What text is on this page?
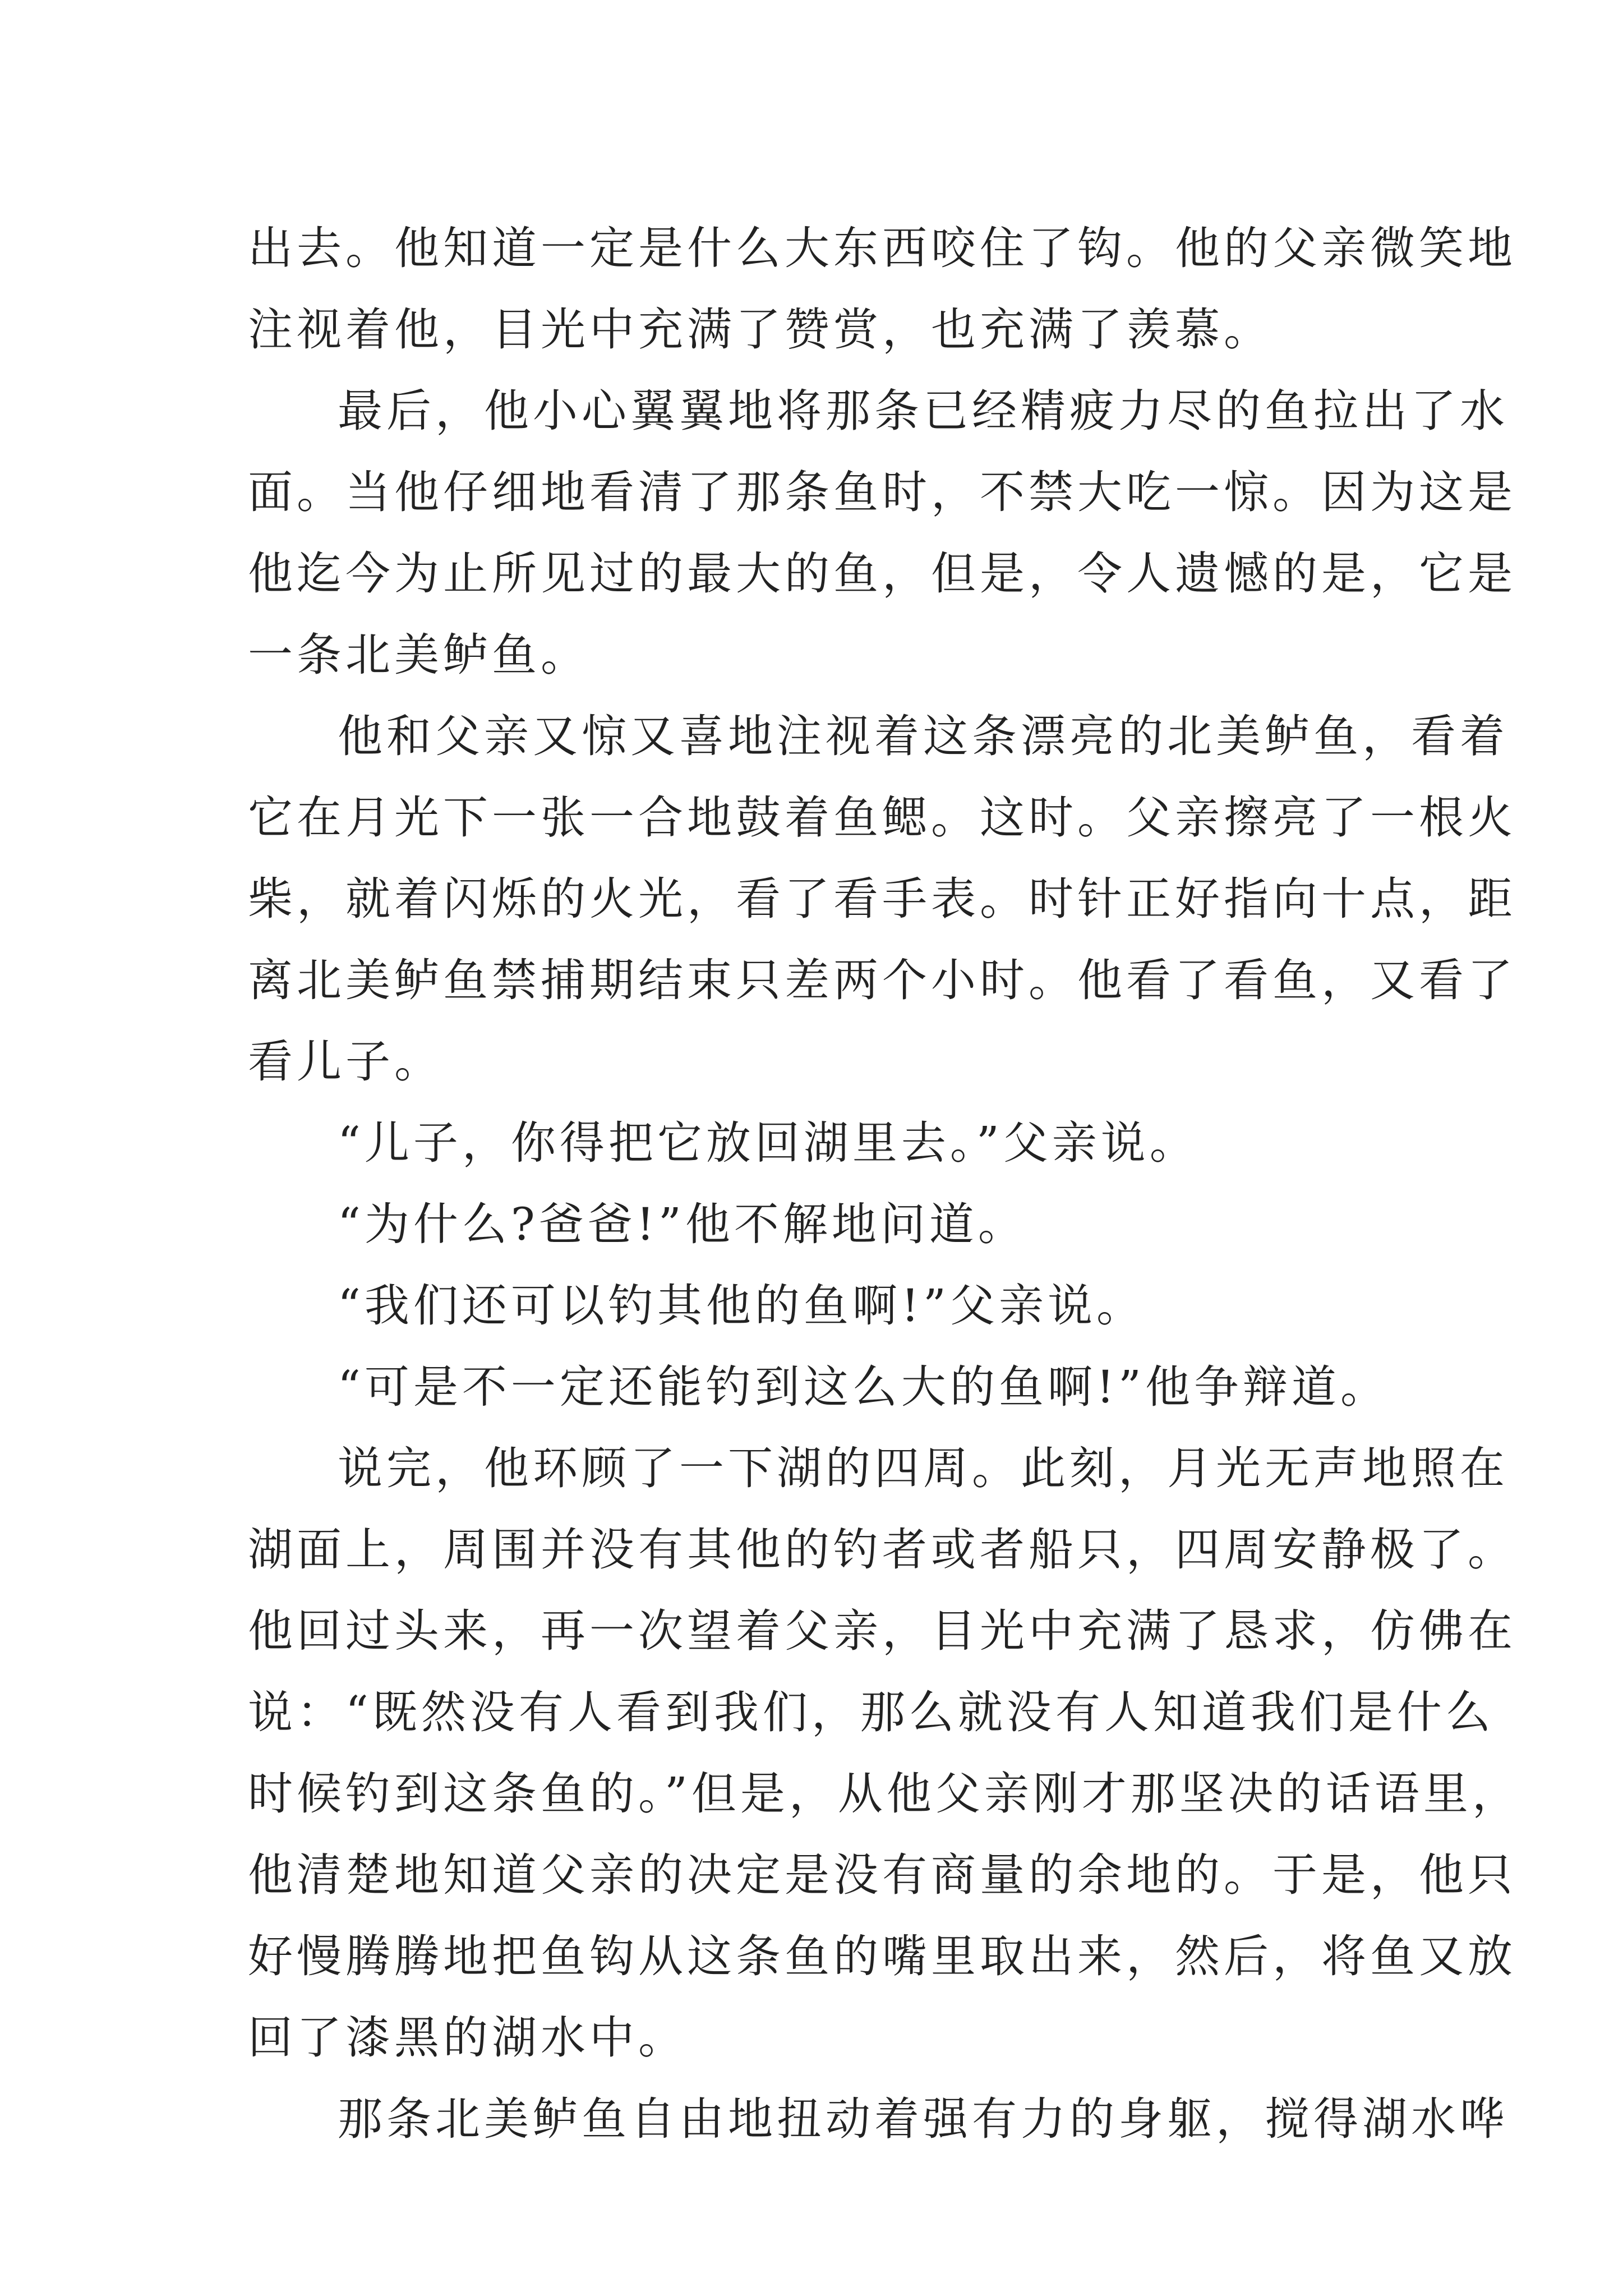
出去。他知道一定是什么大东西咬住了钩。他的父亲微笑地
注视着他，目光中充满了赞赏，也充满了羡慕。
最后，他小心翼翼地将那条已经精疲力尽的鱼拉出了水
面。当他仔细地看清了那条鱼时，不禁大吃一惊。因为这是
他迄今为止所见过的最大的鱼，但是，令人遗憾的是，它是
一条北美鲈鱼。
他和父亲又惊又喜地注视着这条漂亮的北美鲈鱼，看着
它在月光下一张一合地鼓着鱼鳃。这时。父亲擦亮了一根火
柴，就着闪烁的火光，看了看手表。时针正好指向十点，距
离北美鲈鱼禁捕期结束只差两个小时。他看了看鱼，又看了
看儿子。
“儿子，你得把它放回湖里去。”父亲说。
“为什么?爸爸!”他不解地问道。
“我们还可以钓其他的鱼啊!”父亲说。
“可是不一定还能钓到这么大的鱼啊!”他争辩道。
说完，他环顾了一下湖的四周。此刻，月光无声地照在
湖面上，周围并没有其他的钓者或者船只，四周安静极了。
他回过头来，再一次望着父亲，目光中充满了恳求，仿佛在
说：“既然没有人看到我们，那么就没有人知道我们是什么
时候钓到这条鱼的。”但是，从他父亲刚才那坚决的话语里，
他清楚地知道父亲的决定是没有商量的余地的。于是，他只
好慢腾腾地把鱼钩从这条鱼的嘴里取出来，然后，将鱼又放
回了漆黑的湖水中。
那条北美鲈鱼自由地扭动着强有力的身躯，搅得湖水哗
